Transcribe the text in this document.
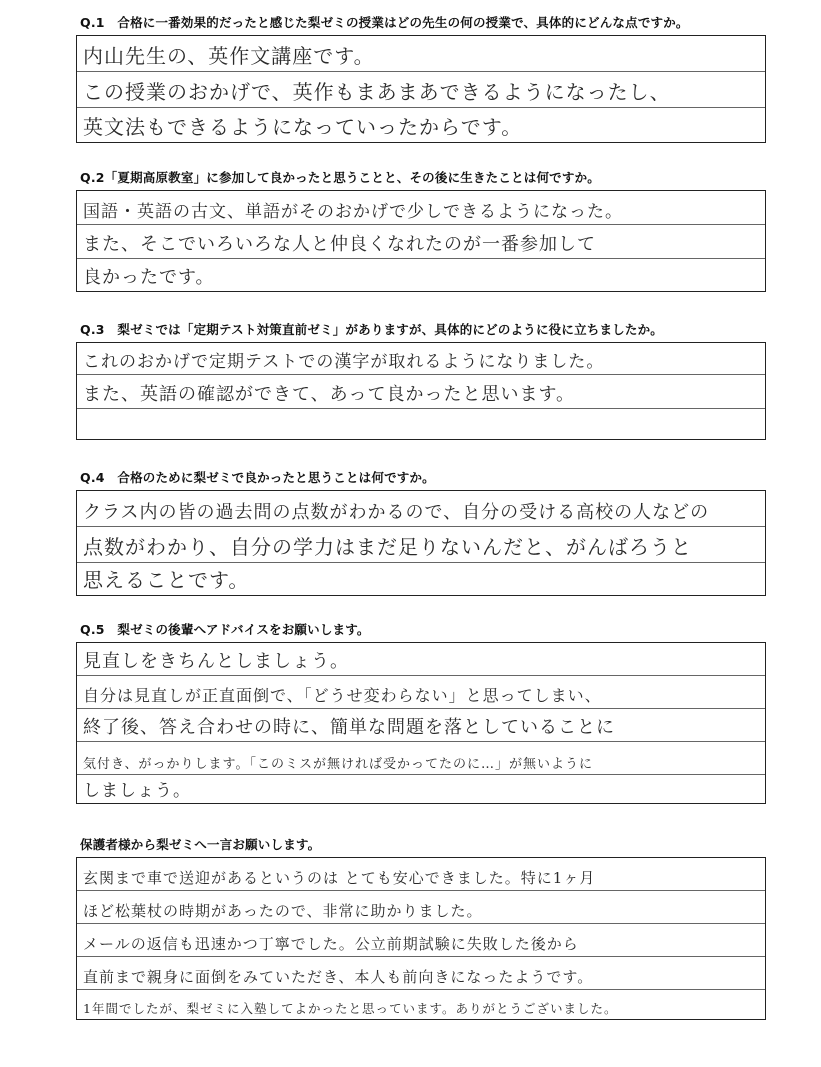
Q.1　合格に一番効果的だったと感じた梨ゼミの授業はどの先生の何の授業で、具体的にどんな点ですか。
内山先生の、英作文講座です。
この授業のおかげで、英作もまあまあできるようになったし、
英文法もできるようになっていったからです。
Q.2「夏期高原教室」に参加して良かったと思うことと、その後に生きたことは何ですか。
国語・英語の古文、単語がそのおかげで少しできるようになった。
また、そこでいろいろな人と仲良くなれたのが一番参加して
良かったです。
Q.3　梨ゼミでは「定期テスト対策直前ゼミ」がありますが、具体的にどのように役に立ちましたか。
これのおかげで定期テストでの漢字が取れるようになりました。
また、英語の確認ができて、あって良かったと思います。
Q.4　合格のために梨ゼミで良かったと思うことは何ですか。
クラス内の皆の過去問の点数がわかるので、自分の受ける高校の人などの
点数がわかり、自分の学力はまだ足りないんだと、がんばろうと
思えることです。
Q.5　梨ゼミの後輩へアドバイスをお願いします。
見直しをきちんとしましょう。
自分は見直しが正直面倒で、「どうせ変わらない」と思ってしまい、
終了後、答え合わせの時に、簡単な問題を落としていることに
気付き、がっかりします。「このミスが無ければ受かってたのに…」が無いように
しましょう。
保護者様から梨ゼミへ一言お願いします。
玄関まで車で送迎があるというのは とても安心できました。特に1ヶ月
ほど松葉杖の時期があったので、非常に助かりました。
メールの返信も迅速かつ丁寧でした。公立前期試験に失敗した後から
直前まで親身に面倒をみていただき、本人も前向きになったようです。
1年間でしたが、梨ゼミに入塾してよかったと思っています。ありがとうございました。
